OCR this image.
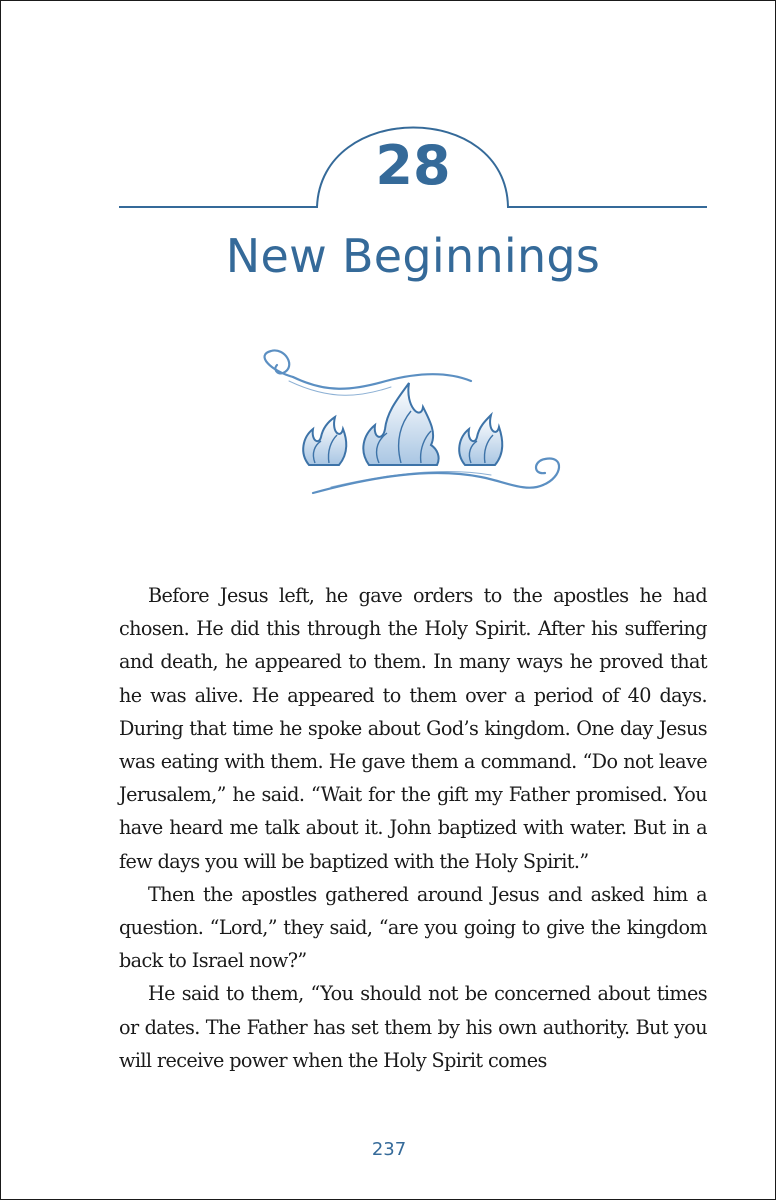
28
New Beginnings

Before Jesus left, he gave orders to the apostles he had chosen. He did this through the Holy Spirit. After his suffering and death, he appeared to them. In many ways he proved that he was alive. He appeared to them over a period of 40 days. During that time he spoke about God’s kingdom. One day Jesus was eating with them. He gave them a command. “Do not leave Jerusalem,” he said. “Wait for the gift my Father promised. You have heard me talk about it. John baptized with water. But in a few days you will be baptized with the Holy Spirit.”

Then the apostles gathered around Jesus and asked him a question. “Lord,” they said, “are you going to give the kingdom back to Israel now?”

He said to them, “You should not be concerned about times or dates. The Father has set them by his own authority. But you will receive power when the Holy Spirit comes

237
